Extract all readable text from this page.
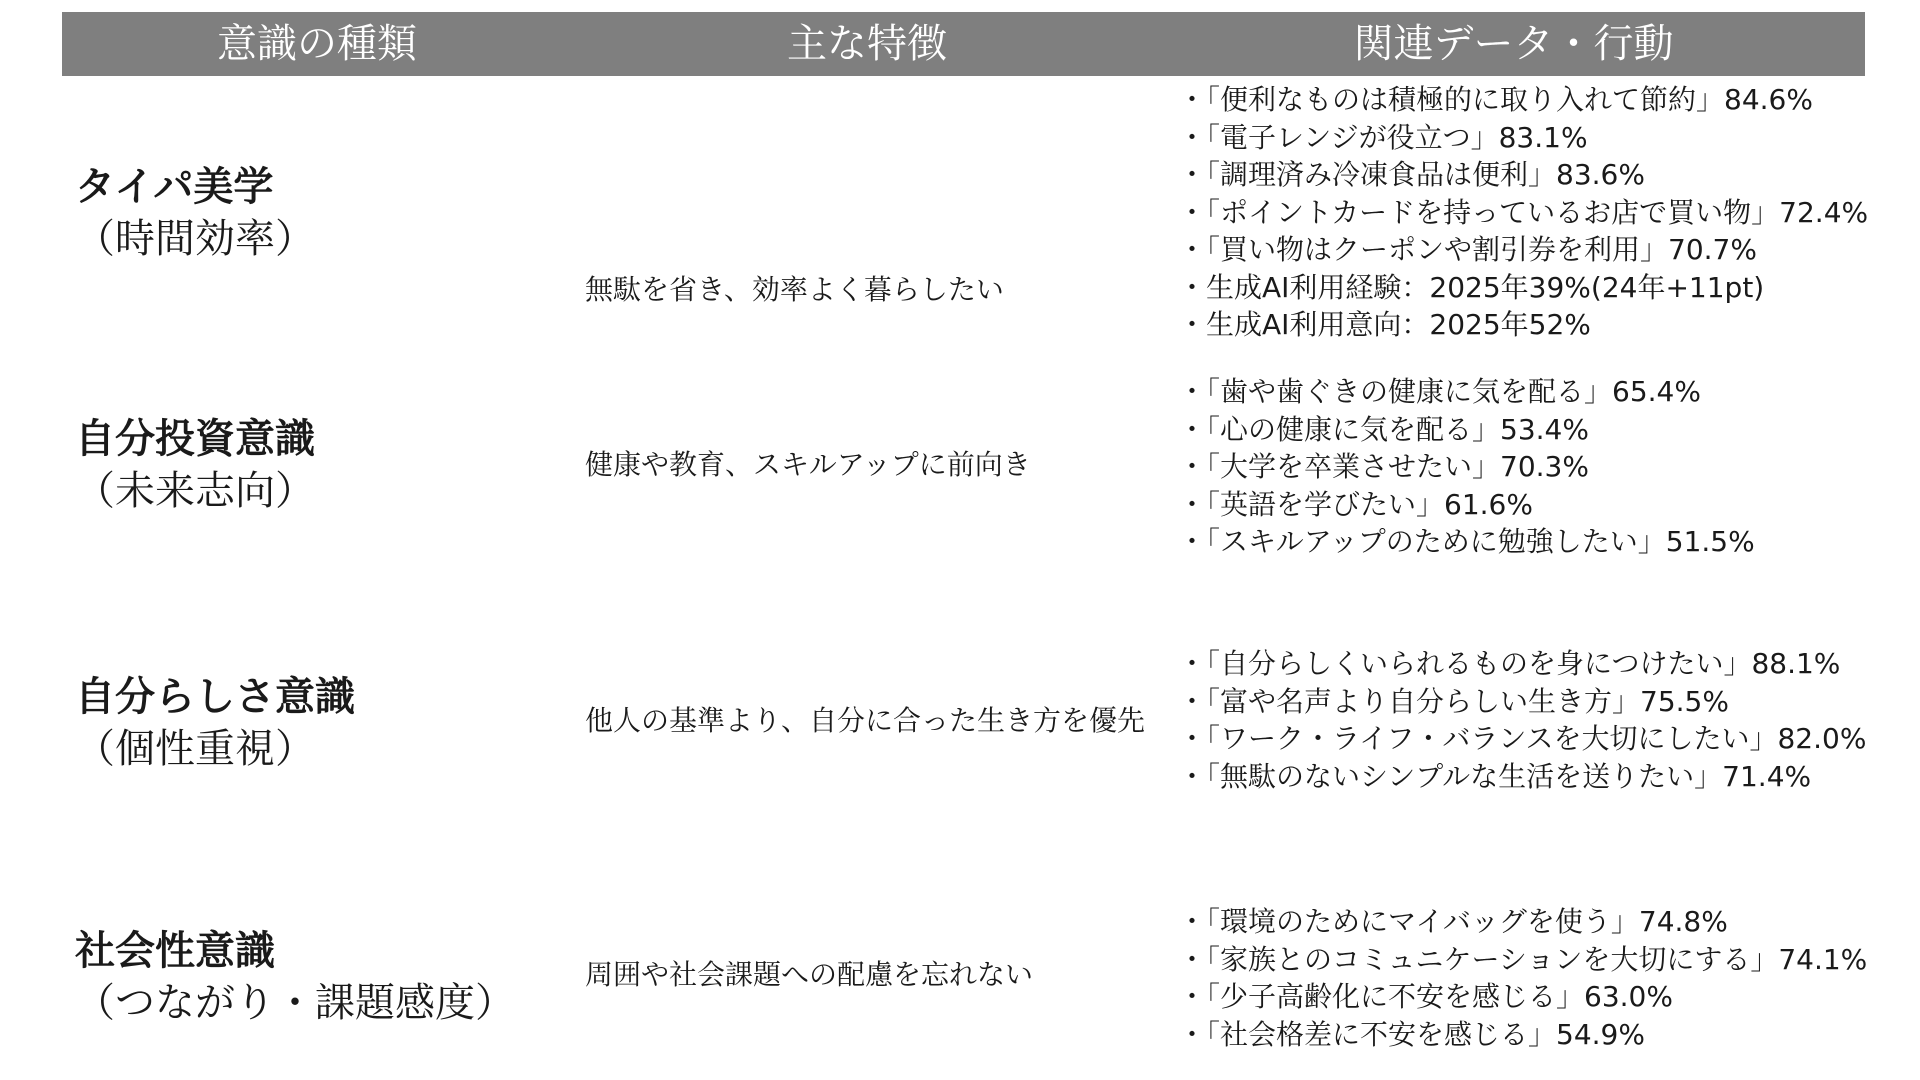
意識の種類	主な特徴	関連データ・行動
タイパ美学
（時間効率）
無駄を省き、効率よく暮らしたい
・「便利なものは積極的に取り入れて節約」84.6%
・「電子レンジが役立つ」83.1%
・「調理済み冷凍食品は便利」83.6%
・「ポイントカードを持っているお店で買い物」72.4%
・「買い物はクーポンや割引券を利用」70.7%
・生成AI利用経験：2025年39%(24年+11pt)
・生成AI利用意向：2025年52%
自分投資意識
（未来志向）
健康や教育、スキルアップに前向き
・「歯や歯ぐきの健康に気を配る」65.4%
・「心の健康に気を配る」53.4%
・「大学を卒業させたい」70.3%
・「英語を学びたい」61.6%
・「スキルアップのために勉強したい」51.5%
自分らしさ意識
（個性重視）
他人の基準より、自分に合った生き方を優先
・「自分らしくいられるものを身につけたい」88.1%
・「富や名声より自分らしい生き方」75.5%
・「ワーク・ライフ・バランスを大切にしたい」82.0%
・「無駄のないシンプルな生活を送りたい」71.4%
社会性意識
（つながり・課題感度）
周囲や社会課題への配慮を忘れない
・「環境のためにマイバッグを使う」74.8%
・「家族とのコミュニケーションを大切にする」74.1%
・「少子高齢化に不安を感じる」63.0%
・「社会格差に不安を感じる」54.9%
